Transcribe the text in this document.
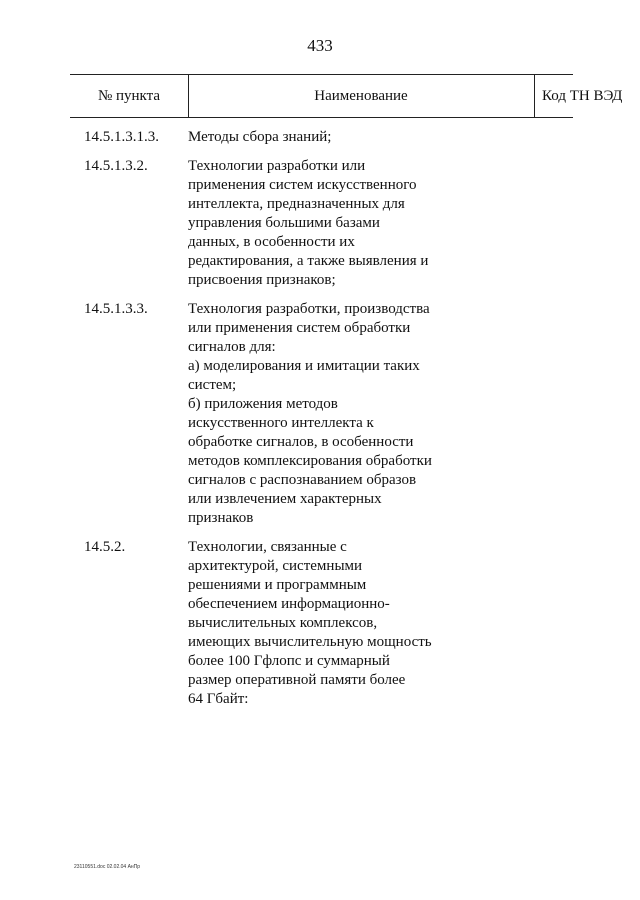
433
№ пункта	Наименование	Код ТН ВЭД
14.5.1.3.1.3.	Методы сбора знаний;
14.5.1.3.2.	Технологии разработки или
применения систем искусственного
интеллекта, предназначенных для
управления большими базами
данных, в особенности их
редактирования, а также выявления и
присвоения признаков;
14.5.1.3.3.	Технология разработки, производства
или применения систем обработки
сигналов для:
а) моделирования и имитации таких
систем;
б) приложения методов
искусственного интеллекта к
обработке сигналов, в особенности
методов комплексирования обработки
сигналов с распознаванием образов
или извлечением характерных
признаков
14.5.2.	Технологии, связанные с
архитектурой, системными
решениями и программным
обеспечением информационно-
вычислительных комплексов,
имеющих вычислительную мощность
более 100 Гфлопс и суммарный
размер оперативной памяти более
64 Гбайт:
23110551.doc 02.02.04 АнПр
